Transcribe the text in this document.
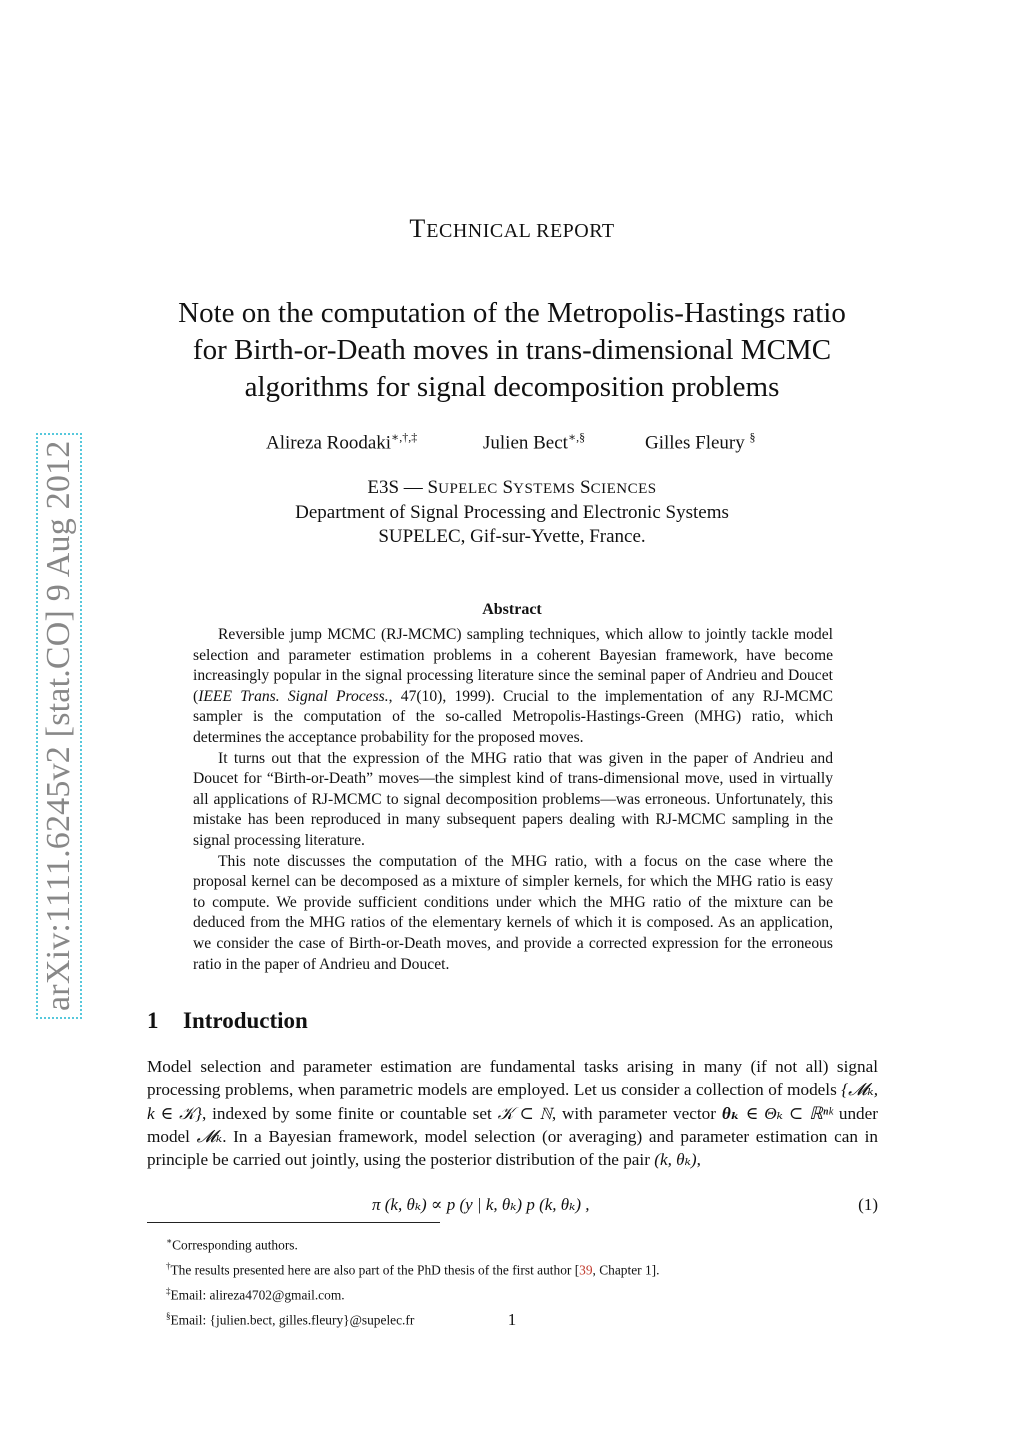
arXiv:1111.6245v2 [stat.CO] 9 Aug 2012
TECHNICAL REPORT
Note on the computation of the Metropolis-Hastings ratio
for Birth-or-Death moves in trans-dimensional MCMC
algorithms for signal decomposition problems
Alireza Roodaki∗,†,‡	Julien Bect∗,§	Gilles Fleury §
E3S — SUPELEC SYSTEMS SCIENCES
Department of Signal Processing and Electronic Systems
SUPELEC, Gif-sur-Yvette, France.
Abstract

Reversible jump MCMC (RJ-MCMC) sampling techniques, which allow to jointly tackle model selection and parameter estimation problems in a coherent Bayesian framework, have become increasingly popular in the signal processing literature since the seminal paper of Andrieu and Doucet (IEEE Trans. Signal Process., 47(10), 1999). Crucial to the implementation of any RJ-MCMC sampler is the computation of the so-called Metropolis-Hastings-Green (MHG) ratio, which determines the acceptance probability for the proposed moves.

It turns out that the expression of the MHG ratio that was given in the paper of Andrieu and Doucet for “Birth-or-Death” moves—the simplest kind of trans-dimensional move, used in virtually all applications of RJ-MCMC to signal decomposition problems—was erroneous. Unfortunately, this mistake has been reproduced in many subsequent papers dealing with RJ-MCMC sampling in the signal processing literature.

This note discusses the computation of the MHG ratio, with a focus on the case where the proposal kernel can be decomposed as a mixture of simpler kernels, for which the MHG ratio is easy to compute. We provide sufficient conditions under which the MHG ratio of the mixture can be deduced from the MHG ratios of the elementary kernels of which it is composed. As an application, we consider the case of Birth-or-Death moves, and provide a corrected expression for the erroneous ratio in the paper of Andrieu and Doucet.

1 Introduction

Model selection and parameter estimation are fundamental tasks arising in many (if not all) signal processing problems, when parametric models are employed. Let us consider a collection of models {𝓜ₖ, k ∈ 𝒦}, indexed by some finite or countable set 𝒦 ⊂ ℕ, with parameter vector θₖ ∈ Θₖ ⊂ ℝⁿᵏ under model 𝓜ₖ. In a Bayesian framework, model selection (or averaging) and parameter estimation can in principle be carried out jointly, using the posterior distribution of the pair (k, θₖ),

π (k, θₖ) ∝ p (y | k, θₖ) p (k, θₖ) ,	(1)
∗Corresponding authors.
†The results presented here are also part of the PhD thesis of the first author [39, Chapter 1].
‡Email: alireza4702@gmail.com.
§Email: {julien.bect, gilles.fleury}@supelec.fr	1
